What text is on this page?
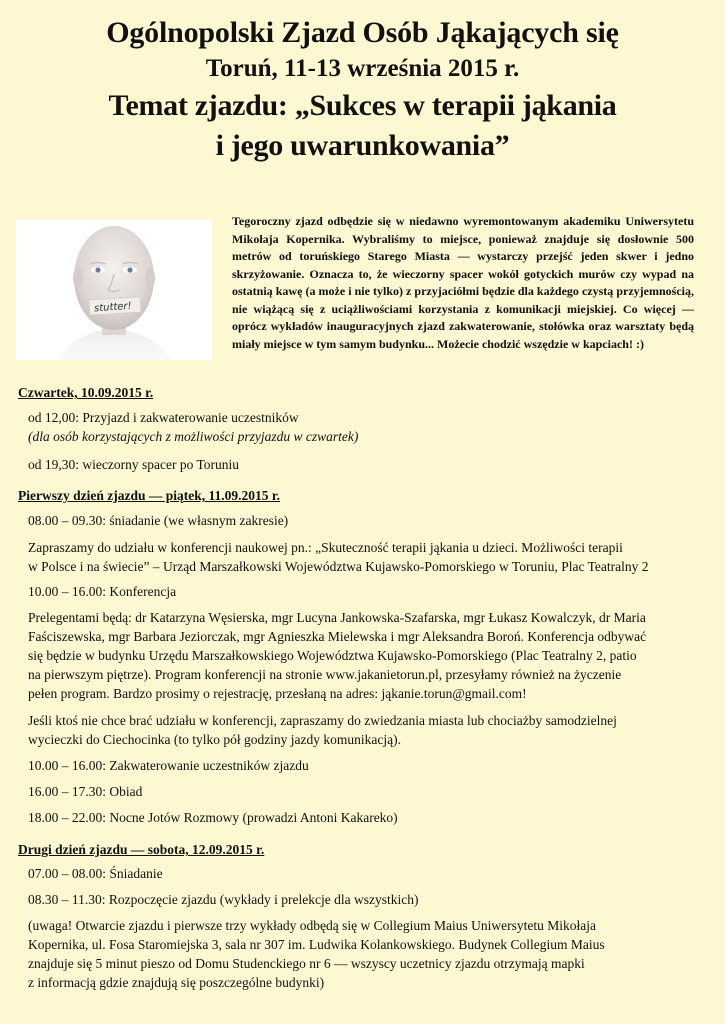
Ogólnopolski Zjazd Osób Jąkających się
Toruń, 11-13 września 2015 r.
Temat zjazdu: „Sukces w terapii jąkania
i jego uwarunkowania”
stutter!
Tegoroczny zjazd odbędzie się w niedawno wyremontowanym akademiku Uniwersytetu Mikołaja Kopernika. Wybraliśmy to miejsce, ponieważ znajduje się dosłownie 500 metrów od toruńskiego Starego Miasta — wystarczy przejść jeden skwer i jedno skrzyżowanie. Oznacza to, że wieczorny spacer wokół gotyckich murów czy wypad na ostatnią kawę (a może i nie tylko) z przyjaciółmi będzie dla każdego czystą przyjemnością, nie wiążącą się z uciążliwościami korzystania z komunikacji miejskiej. Co więcej — oprócz wykładów inauguracyjnych zjazd zakwaterowanie, stołówka oraz warsztaty będą miały miejsce w tym samym budynku... Możecie chodzić wszędzie w kapciach! :)
Czwartek, 10.09.2015 r.
od 12,00: Przyjazd i zakwaterowanie uczestników
(dla osób korzystających z możliwości przyjazdu w czwartek)
od 19,30: wieczorny spacer po Toruniu
Pierwszy dzień zjazdu — piątek, 11.09.2015 r.
08.00 – 09.30: śniadanie (we własnym zakresie)
Zapraszamy do udziału w konferencji naukowej pn.: „Skuteczność terapii jąkania u dzieci. Możliwości terapii
w Polsce i na świecie” – Urząd Marszałkowski Województwa Kujawsko-Pomorskiego w Toruniu, Plac Teatralny 2
10.00 – 16.00: Konferencja
Prelegentami będą: dr Katarzyna Węsierska, mgr Lucyna Jankowska-Szafarska, mgr Łukasz Kowalczyk, dr Maria
Faściszewska, mgr Barbara Jeziorczak, mgr Agnieszka Mielewska i mgr Aleksandra Boroń. Konferencja odbywać
się będzie w budynku Urzędu Marszałkowskiego Województwa Kujawsko-Pomorskiego (Plac Teatralny 2, patio
na pierwszym piętrze). Program konferencji na stronie www.jakanietorun.pl, przesyłamy również na życzenie
pełen program. Bardzo prosimy o rejestrację, przesłaną na adres: jąkanie.torun@gmail.com!
Jeśli ktoś nie chce brać udziału w konferencji, zapraszamy do zwiedzania miasta lub chociażby samodzielnej
wycieczki do Ciechocinka (to tylko pół godziny jazdy komunikacją).
10.00 – 16.00: Zakwaterowanie uczestników zjazdu
16.00 – 17.30: Obiad
18.00 – 22.00: Nocne Jotów Rozmowy (prowadzi Antoni Kakareko)
Drugi dzień zjazdu — sobota, 12.09.2015 r.
07.00 – 08.00: Śniadanie
08.30 – 11.30: Rozpoczęcie zjazdu (wykłady i prelekcje dla wszystkich)
(uwaga! Otwarcie zjazdu i pierwsze trzy wykłady odbędą się w Collegium Maius Uniwersytetu Mikołaja
Kopernika, ul. Fosa Staromiejska 3, sala nr 307 im. Ludwika Kolankowskiego. Budynek Collegium Maius
znajduje się 5 minut pieszo od Domu Studenckiego nr 6 — wszyscy uczetnicy zjazdu otrzymają mapki
z informacją gdzie znajdują się poszczególne budynki)
